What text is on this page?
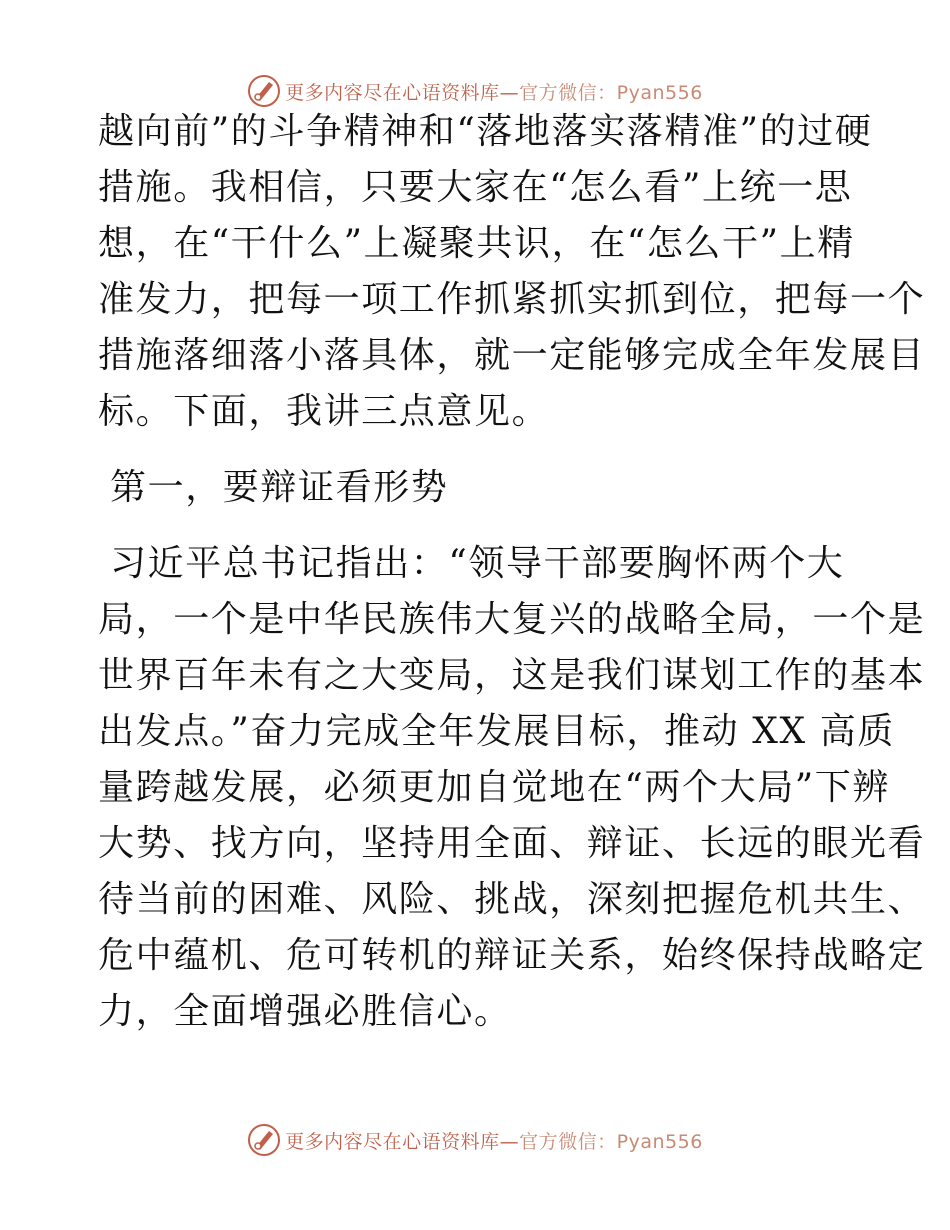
更多内容尽在心语资料库—官方微信：Pyan556
越向前”的斗争精神和“落地落实落精准”的过硬
措施。我相信，只要大家在“怎么看”上统一思
想，在“干什么”上凝聚共识，在“怎么干”上精
准发力，把每一项工作抓紧抓实抓到位，把每一个
措施落细落小落具体，就一定能够完成全年发展目
标。下面，我讲三点意见。
第一，要辩证看形势
习近平总书记指出：“领导干部要胸怀两个大
局，一个是中华民族伟大复兴的战略全局，一个是
世界百年未有之大变局，这是我们谋划工作的基本
出发点。”奋力完成全年发展目标，推动 XX 高质
量跨越发展，必须更加自觉地在“两个大局”下辨
大势、找方向，坚持用全面、辩证、长远的眼光看
待当前的困难、风险、挑战，深刻把握危机共生、
危中蕴机、危可转机的辩证关系，始终保持战略定
力，全面增强必胜信心。
更多内容尽在心语资料库—官方微信：Pyan556
